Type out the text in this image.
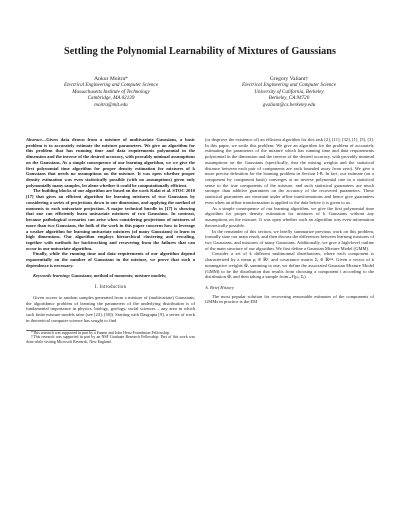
Settling the Polynomial Learnability of Mixtures of Gaussians
Ankur Moitra*
Electrical Engineering and Computer Science
Massachusetts Institute of Technology
Cambridge, MA 02139
moitra@mit.edu
Gregory Valiant†
Electrical Engineering and Computer Science
University of California, Berkeley
Berkeley, CA 94720
gvaliant@cs.berkeley.edu

Abstract—Given data drawn from a mixture of multivariate Gaussians, a basic problem is to accurately estimate the mixture parameters. We give an algorithm for this problem that has running time and data requirements polynomial in the dimension and the inverse of the desired accuracy, with provably minimal assumptions on the Gaussians. As a simple consequence of our learning algorithm, we we give the first polynomial time algorithm for proper density estimation for mixtures of k Gaussians that needs no assumptions on the mixture. It was open whether proper density estimation was even statistically possible (with no assumptions) given only polynomially many samples, let alone whether it could be computationally efficient.

The building blocks of our algorithm are based on the work Kalai et al. STOC 2010 [17] that gives an efficient algorithm for learning mixtures of two Gaussians by considering a series of projections down to one dimension, and applying the method of moments to each univariate projection. A major technical hurdle in [17] is showing that one can efficiently learn univariate mixtures of two Gaussians. In contrast, because pathological scenarios can arise when considering projections of mixtures of more than two Gaussians, the bulk of the work in this paper concerns how to leverage a weaker algorithm for learning univariate mixtures (of many Gaussians) to learn in high dimensions. Our algorithm employs hierarchical clustering and rescaling, together with methods for backtracking and recovering from the failures that can occur in our univariate algorithm.

Finally, while the running time and data requirements of our algorithm depend exponentially on the number of Gaussians in the mixture, we prove that such a dependence is necessary.

Keywords-learning; Gaussians; method of moments; mixture models;

I. Introduction

Given access to random samples generated from a mixture of (multivariate) Gaussians, the algorithmic problem of learning the parameters of the underlying distribution is of fundamental importance in physics, biology, geology, social sciences – any area in which such finite mixture models arise (see [23], [30]). Starting with Dasgupta [9], a series of work in theoretical computer science has sought to find

*This research was supported in part by a Fannie and John Hertz Foundation Fellowship.
†This research was supported in part by an NSF Graduate Research Fellowship. Part of this work was done while visiting Microsoft Research, New England.

(or disprove the existence of) an efficient algorithm for this task [2], [11], [32], [1], [5], [3]. In this paper, we settle this problem: We give an algorithm for the problem of accurately estimating the parameters of the mixture which has running time and data requirements polynomial in the dimension and the inverse of the desired accuracy, with provably minimal assumptions on the Gaussians (specifically, that the mixing weights and the statistical distance between each pair of components are each bounded away from zero). We give a more precise definition for the learning problem in Section I-B. In fact, our estimate (on a component by component basis) converges at an inverse polynomial rate in a statistical sense to the true components of the mixture, and such statistical guarantees are much stronger than additive guarantees on the accuracy of the recovered parameters. These statistical guarantees are invariant under affine transformations and hence give guarantees even when an affine transformation is applied to the data before it is given to us.

As a simple consequence of our learning algorithm, we give the first polynomial time algorithm for proper density estimation for mixtures of k Gaussians without any assumptions on the mixture. It was open whether such an algorithm was even information theoretically possible.

In the remainder of this section, we briefly summarize previous work on this problem, formally state our main result, and then discuss the differences between learning mixtures of two Gaussians, and mixtures of many Gaussians. Additionally, we give a high-level outline of the main structure of our algorithm. We first define a Gaussian Mixture Model (GMM).

Consider a set of k different multinomial distributions, where each component is characterized by a mean μᵢ ∈ ℝⁿ, and covariance matrix Σᵢ ∈ ℝⁿˣⁿ. Given a vector of k nonnegative weights w⃗, summing to one, we define the associated Gaussian Mixture Model (GMM) to be the distribution that results from choosing a component i according to the distribution w⃗, and then taking a sample from 𝒩(μᵢ, Σᵢ).

A. Brief History

The most popular solution for recovering reasonable estimates of the components of GMMs in practice is the EM
